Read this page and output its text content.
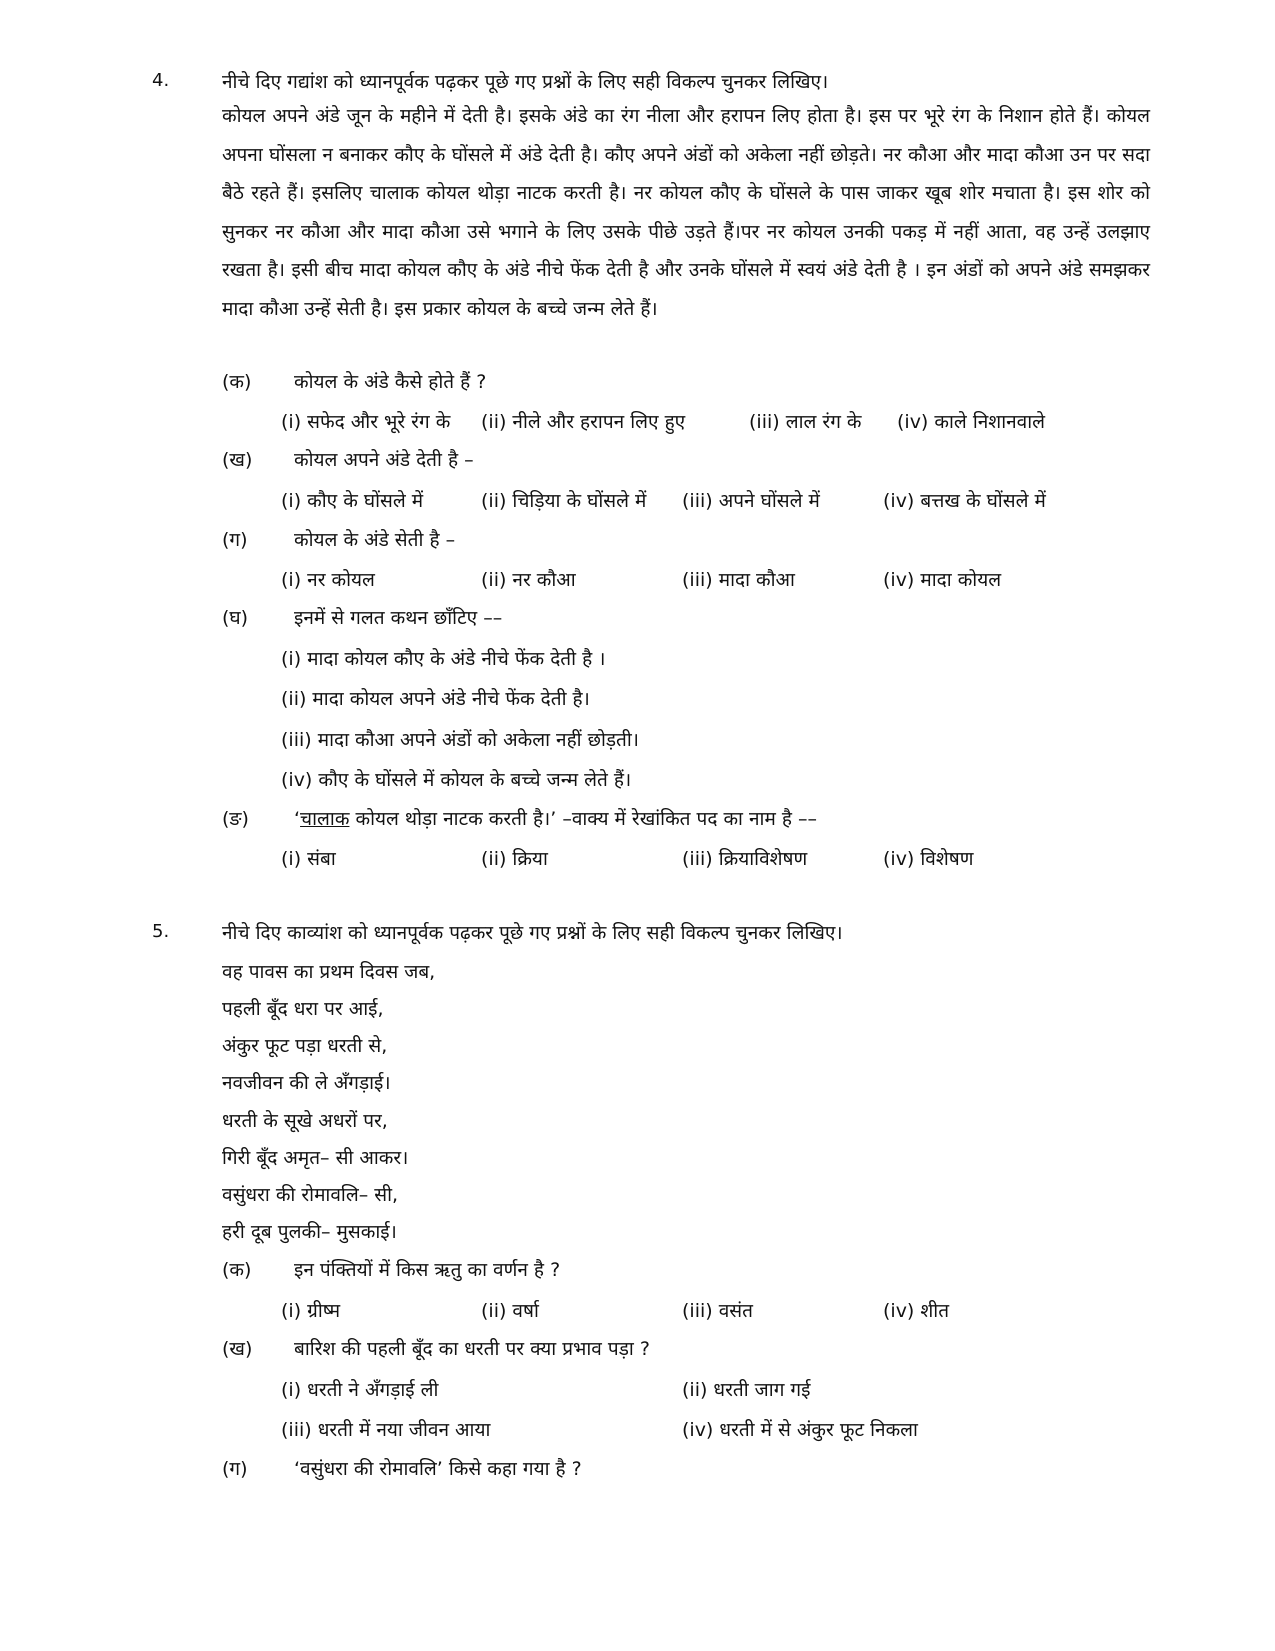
4.	नीचे दिए गद्यांश को ध्यानपूर्वक पढ़कर पूछे गए प्रश्नों के लिए सही विकल्प चुनकर लिखिए।
कोयल अपने अंडे जून के महीने में देती है। इसके अंडे का रंग नीला और हरापन लिए होता है। इस पर भूरे रंग के निशान होते हैं। कोयल अपना घोंसला न बनाकर कौए के घोंसले में अंडे देती है। कौए अपने अंडों को अकेला नहीं छोड़ते। नर कौआ और मादा कौआ उन पर सदा बैठे रहते हैं। इसलिए चालाक कोयल थोड़ा नाटक करती है। नर कोयल कौए के घोंसले के पास जाकर खूब शोर मचाता है। इस शोर को सुनकर नर कौआ और मादा कौआ उसे भगाने के लिए उसके पीछे उड़ते हैं।पर नर कोयल उनकी पकड़ में नहीं आता, वह उन्हें उलझाए रखता है। इसी बीच मादा कोयल कौए के अंडे नीचे फेंक देती है और उनके घोंसले में स्वयं अंडे देती है । इन अंडों को अपने अंडे समझकर मादा कौआ उन्हें सेती है। इस प्रकार कोयल के बच्चे जन्म लेते हैं।
(क) कोयल के अंडे कैसे होते हैं ?
(i) सफेद और भूरे रंग के (ii) नीले और हरापन लिए हुए	(iii) लाल रंग के (iv) काले निशानवाले
(ख) कोयल अपने अंडे देती है –
(i) कौए के घोंसले में	(ii) चिड़िया के घोंसले में (iii) अपने घोंसले में	(iv) बत्तख के घोंसले में
(ग) कोयल के अंडे सेती है –
(i) नर कोयल	(ii) नर कौआ	(iii) मादा कौआ	(iv) मादा कोयल
(घ) इनमें से गलत कथन छाँटिए ––
(i) मादा कोयल कौए के अंडे नीचे फेंक देती है ।
(ii) मादा कोयल अपने अंडे नीचे फेंक देती है।
(iii) मादा कौआ अपने अंडों को अकेला नहीं छोड़ती।
(iv) कौए के घोंसले में कोयल के बच्चे जन्म लेते हैं।
(ङ) ‘चालाक कोयल थोड़ा नाटक करती है।’ –वाक्य में रेखांकित पद का नाम है ––
(i) संबा	(ii) क्रिया	(iii) क्रियाविशेषण	(iv) विशेषण
5.	नीचे दिए काव्यांश को ध्यानपूर्वक पढ़कर पूछे गए प्रश्नों के लिए सही विकल्प चुनकर लिखिए।
वह पावस का प्रथम दिवस जब,
पहली बूँद धरा पर आई,
अंकुर फूट पड़ा धरती से,
नवजीवन की ले अँगड़ाई।
धरती के सूखे अधरों पर,
गिरी बूँद अमृत– सी आकर।
वसुंधरा की रोमावलि– सी,
हरी दूब पुलकी– मुसकाई।
(क) इन पंक्तियों में किस ऋतु का वर्णन है ?
(i) ग्रीष्म	(ii) वर्षा	(iii) वसंत	(iv) शीत
(ख) बारिश की पहली बूँद का धरती पर क्या प्रभाव पड़ा ?
(i) धरती ने अँगड़ाई ली	(ii) धरती जाग गई
(iii) धरती में नया जीवन आया	(iv) धरती में से अंकुर फूट निकला
(ग) ‘वसुंधरा की रोमावलि’ किसे कहा गया है ?
